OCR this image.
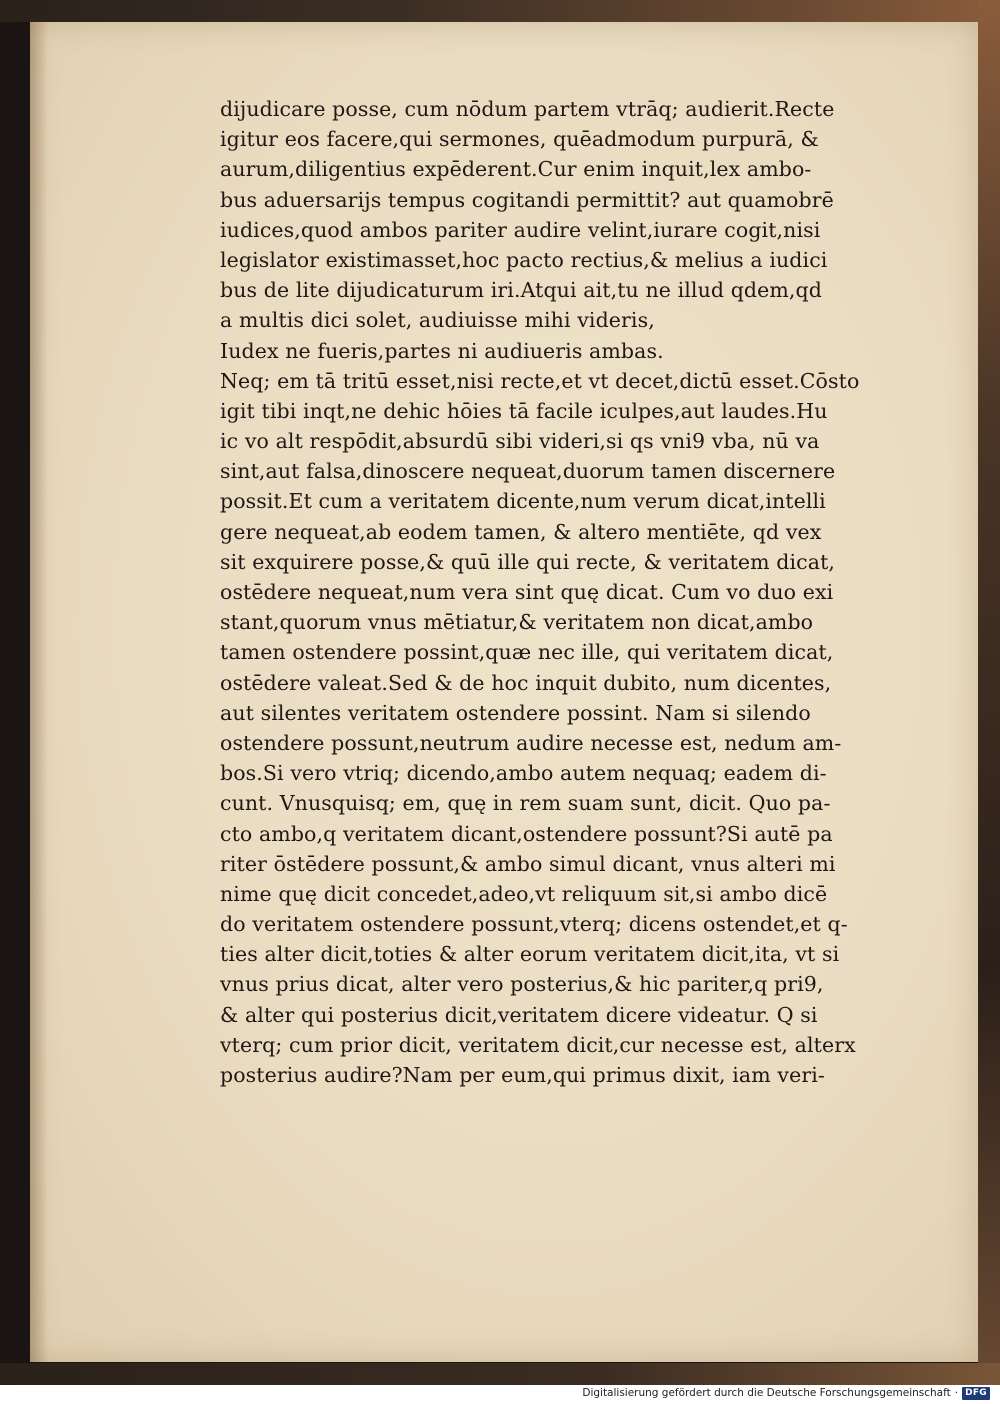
dijudicare posse, cum nōdum partem vtrāq; audierit.Recte
igitur eos facere,qui sermones, quēadmodum purpurā, &
aurum,diligentius expēderent.Cur enim inquit,lex ambo-
bus aduersarijs tempus cogitandi permittit? aut quamobrē
iudices,quod ambos pariter audire velint,iurare cogit,nisi
legislator existimasset,hoc pacto rectius,& melius a iudici
bus de lite dijudicaturum iri.Atqui ait,tu ne illud qdem,qd
a multis dici solet, audiuisse mihi videris,
Iudex ne fueris,partes ni audiueris ambas.
Neq; em tā tritū esset,nisi recte,et vt decet,dictū esset.Cōsto
igit tibi inqt,ne dehic hōies tā facile iculpes,aut laudes.Hu
ic vo alt respōdit,absurdū sibi videri,si qs vni9 vba, nū va
sint,aut falsa,dinoscere nequeat,duorum tamen discernere
possit.Et cum a veritatem dicente,num verum dicat,intelli
gere nequeat,ab eodem tamen, & altero mentiēte, qd vex
sit exquirere posse,& quū ille qui recte, & veritatem dicat,
ostēdere nequeat,num vera sint quę dicat. Cum vo duo exi
stant,quorum vnus mētiatur,& veritatem non dicat,ambo
tamen ostendere possint,quæ nec ille, qui veritatem dicat,
ostēdere valeat.Sed & de hoc inquit dubito, num dicentes,
aut silentes veritatem ostendere possint. Nam si silendo
ostendere possunt,neutrum audire necesse est, nedum am-
bos.Si vero vtriq; dicendo,ambo autem nequaq; eadem di-
cunt. Vnusquisq; em, quę in rem suam sunt, dicit. Quo pa-
cto ambo,q veritatem dicant,ostendere possunt?Si autē pa
riter ōstēdere possunt,& ambo simul dicant, vnus alteri mi
nime quę dicit concedet,adeo,vt reliquum sit,si ambo dicē
do veritatem ostendere possunt,vterq; dicens ostendet,et q-
ties alter dicit,toties & alter eorum veritatem dicit,ita, vt si
vnus prius dicat, alter vero posterius,& hic pariter,q pri9,
& alter qui posterius dicit,veritatem dicere videatur. Q si
vterq; cum prior dicit, veritatem dicit,cur necesse est, alterx
posterius audire?Nam per eum,qui primus dixit, iam veri-
Digitalisierung gefördert durch die Deutsche Forschungsgemeinschaft · DFG
